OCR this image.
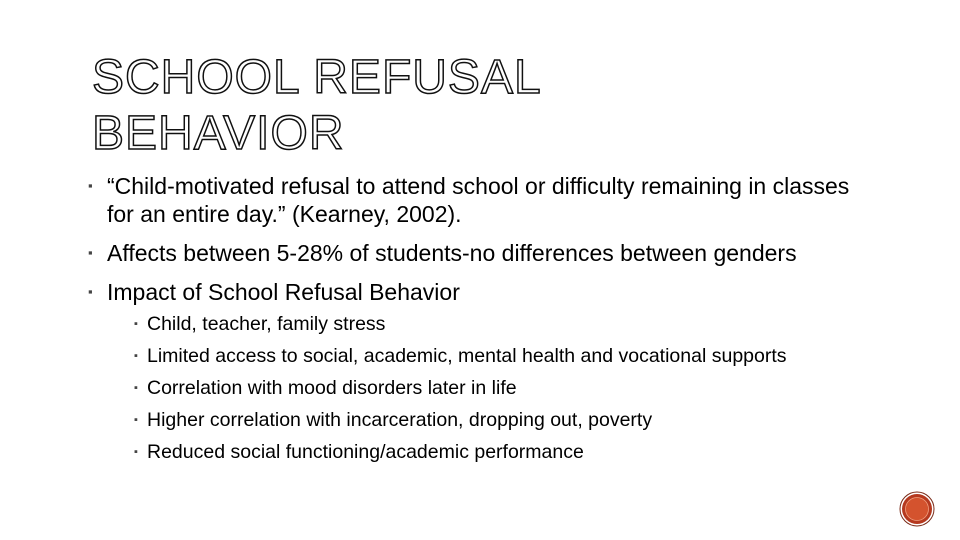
SCHOOL REFUSAL
BEHAVIOR
▪ “Child-motivated refusal to attend school or difficulty remaining in classes for an entire day.” (Kearney, 2002).
▪ Affects between 5-28% of students-no differences between genders
▪ Impact of School Refusal Behavior
▪ Child, teacher, family stress
▪ Limited access to social, academic, mental health and vocational supports
▪ Correlation with mood disorders later in life
▪ Higher correlation with incarceration, dropping out, poverty
▪ Reduced social functioning/academic performance
